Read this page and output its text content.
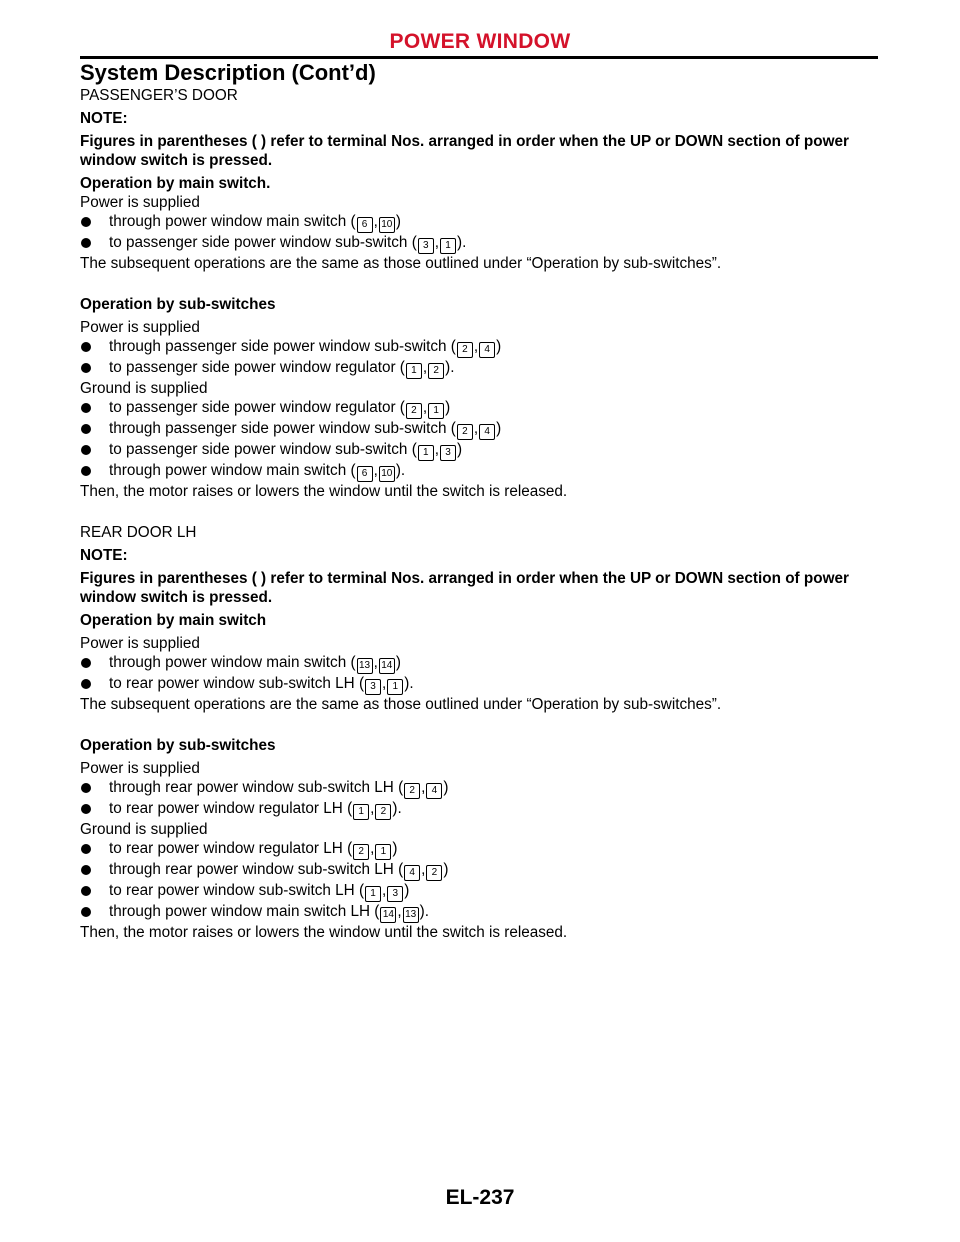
POWER WINDOW
System Description (Cont’d)

PASSENGER’S DOOR

NOTE:

Figures in parentheses ( ) refer to terminal Nos. arranged in order when the UP or DOWN section of power window switch is pressed.

Operation by main switch.

Power is supplied

through power window main switch ( 6 , 10 )

to passenger side power window sub-switch ( 3 , 1 ).

The subsequent operations are the same as those outlined under “Operation by sub-switches”.

Operation by sub-switches

Power is supplied

through passenger side power window sub-switch ( 2 , 4 )

to passenger side power window regulator ( 1 , 2 ).

Ground is supplied

to passenger side power window regulator ( 2 , 1 )

through passenger side power window sub-switch ( 2 , 4 )

to passenger side power window sub-switch ( 1 , 3 )

through power window main switch ( 6 , 10 ).

Then, the motor raises or lowers the window until the switch is released.

REAR DOOR LH

NOTE:

Figures in parentheses ( ) refer to terminal Nos. arranged in order when the UP or DOWN section of power window switch is pressed.

Operation by main switch

Power is supplied

through power window main switch ( 13 , 14 )

to rear power window sub-switch LH ( 3 , 1 ).

The subsequent operations are the same as those outlined under “Operation by sub-switches”.

Operation by sub-switches

Power is supplied

through rear power window sub-switch LH ( 2 , 4 )

to rear power window regulator LH ( 1 , 2 ).

Ground is supplied

to rear power window regulator LH ( 2 , 1 )

through rear power window sub-switch LH ( 4 , 2 )

to rear power window sub-switch LH ( 1 , 3 )

through power window main switch LH ( 14 , 13 ).

Then, the motor raises or lowers the window until the switch is released.

EL-237
